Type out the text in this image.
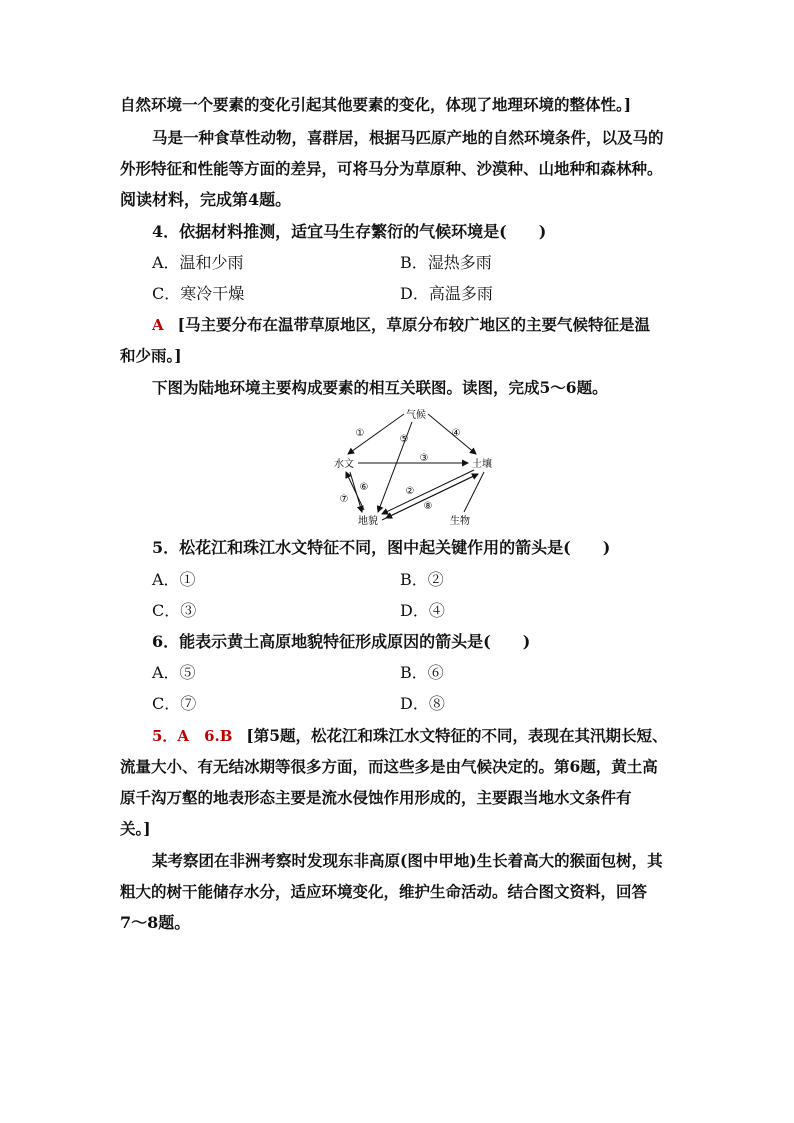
自然环境一个要素的变化引起其他要素的变化，体现了地理环境的整体性。]
马是一种食草性动物，喜群居，根据马匹原产地的自然环境条件，以及马的
外形特征和性能等方面的差异，可将马分为草原种、沙漠种、山地种和森林种。
阅读材料，完成第4题。
4．依据材料推测，适宜马生存繁衍的气候环境是(　　)
A．温和少雨	B．湿热多雨
C．寒冷干燥	D．高温多雨
A [马主要分布在温带草原地区，草原分布较广地区的主要气候特征是温
和少雨。]
下图为陆地环境主要构成要素的相互关联图。读图，完成5～6题。
气候
水文	土壤
地貌	生物
①
②
③
④
⑤
⑥
⑦
⑧
5．松花江和珠江水文特征不同，图中起关键作用的箭头是(　　)
A．①	B．②
C．③	D．④
6．能表示黄土高原地貌特征形成原因的箭头是(　　)
A．⑤	B．⑥
C．⑦	D．⑧
5．A　6.B [第5题，松花江和珠江水文特征的不同，表现在其汛期长短、
流量大小、有无结冰期等很多方面，而这些多是由气候决定的。第6题，黄土高
原千沟万壑的地表形态主要是流水侵蚀作用形成的，主要跟当地水文条件有
关。]
某考察团在非洲考察时发现东非高原(图中甲地)生长着高大的猴面包树，其
粗大的树干能储存水分，适应环境变化，维护生命活动。结合图文资料，回答
7～8题。
